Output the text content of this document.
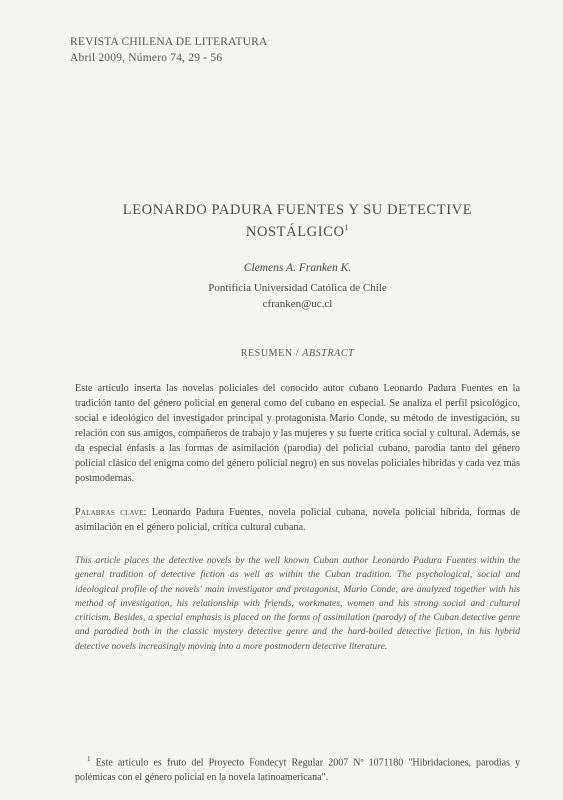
REVISTA CHILENA DE LITERATURA
Abril 2009, Número 74, 29 - 56
LEONARDO PADURA FUENTES Y SU DETECTIVE
NOSTÁLGICO$^1$
Clemens A. Franken K.
Pontificia Universidad Católica de Chile
cfranken@uc.cl
RESUMEN / ABSTRACT
Este artículo inserta las novelas policiales del conocido autor cubano Leonardo Padura Fuentes en la tradición tanto del género policial en general como del cubano en especial. Se analiza el perfil psicológico, social e ideológico del investigador principal y protagonista Mario Conde, su método de investigación, su relación con sus amigos, compañeros de trabajo y las mujeres y su fuerte crítica social y cultural. Además, se da especial énfasis a las formas de asimilación (parodia) del policial cubano, parodia tanto del género policial clásico del enigma como del género policial negro) en sus novelas policiales híbridas y cada vez más postmodernas.
Palabras clave: Leonardo Padura Fuentes, novela policial cubana, novela policial híbrida, formas de asimilación en el género policial, crítica cultural cubana.
This article places the detective novels by the well known Cuban author Leonardo Padura Fuentes within the general tradition of detective fiction as well as within the Cuban tradition. The psychological, social and ideological profile of the novels' main investigator and protagonist, Mario Conde, are analyzed together with his method of investigation, his relationship with friends, workmates, women and his strong social and cultural criticism. Besides, a special emphasis is placed on the forms of assimilation (parody) of the Cuban detective genre and parodied both in the classic mystery detective genre and the hard-boiled detective fiction, in his hybrid detective novels increasingly moving into a more postmodern detective literature.
$^1$ Este artículo es fruto del Proyecto Fondecyt Regular 2007 Nº 1071180 "Hibridaciones, parodias y polémicas con el género policial en la novela latinoamericana".
